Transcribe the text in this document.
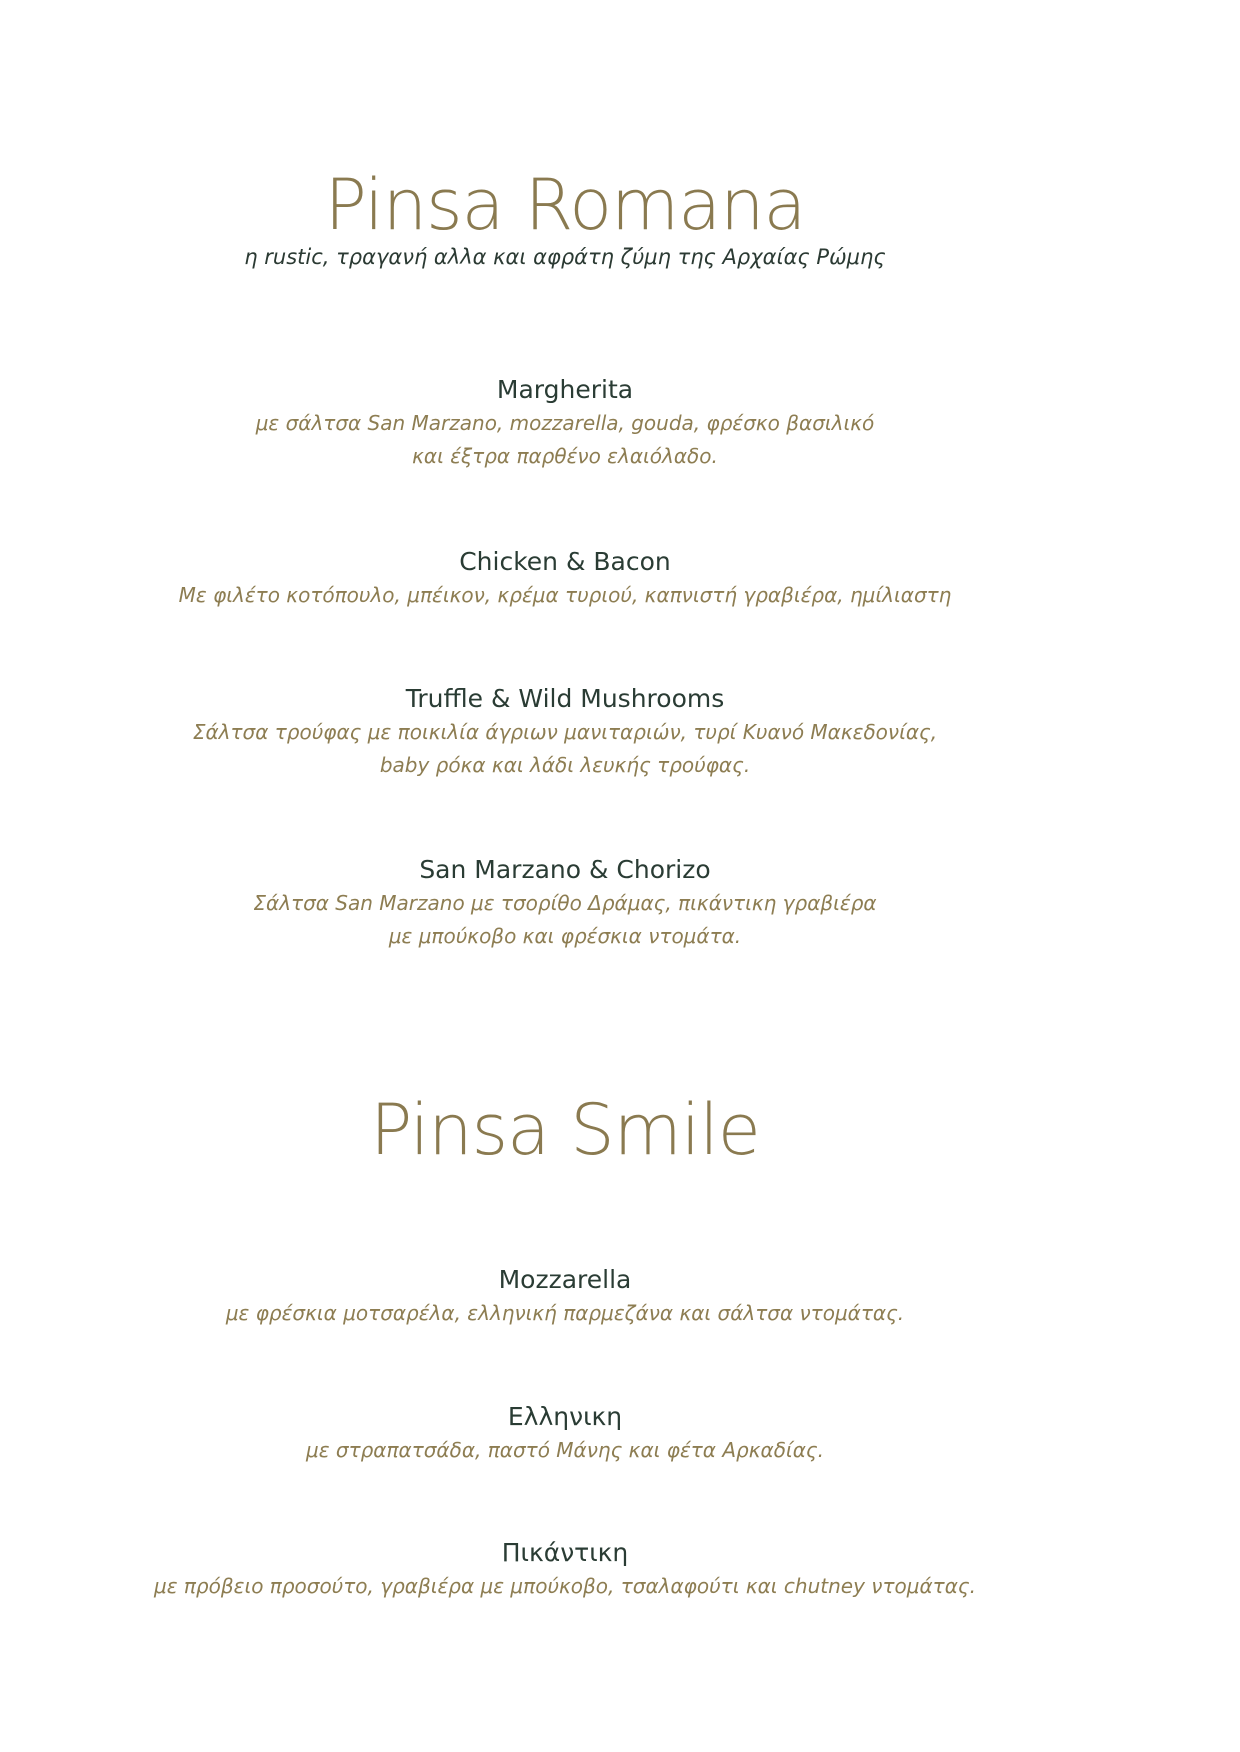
Pinsa Romana
η rustic, τραγανή αλλα και αφράτη ζύμη της Αρχαίας Ρώμης

Margherita

με σάλτσα San Marzano, mozzarella, gouda, φρέσκο βασιλικό

και έξτρα παρθένο ελαιόλαδο.

Chicken & Bacon

Με φιλέτο κοτόπουλο, μπέικον, κρέμα τυριού, καπνιστή γραβιέρα, ημίλιαστη

Truffle & Wild Mushrooms

Σάλτσα τρούφας με ποικιλία άγριων μανιταριών, τυρί Κυανό Μακεδονίας,

baby ρόκα και λάδι λευκής τρούφας.

San Marzano & Chorizo

Σάλτσα San Marzano με τσορίθο Δράμας, πικάντικη γραβιέρα

με μπούκοβο και φρέσκια ντομάτα.

Pinsa Smile

Mozzarella

με φρέσκια μοτσαρέλα, ελληνική παρμεζάνα και σάλτσα ντομάτας.

Ελληνικη

με στραπατσάδα, παστό Μάνης και φέτα Αρκαδίας.

Πικάντικη

με πρόβειο προσούτο, γραβιέρα με μπούκοβο, τσαλαφούτι και chutney ντομάτας.
